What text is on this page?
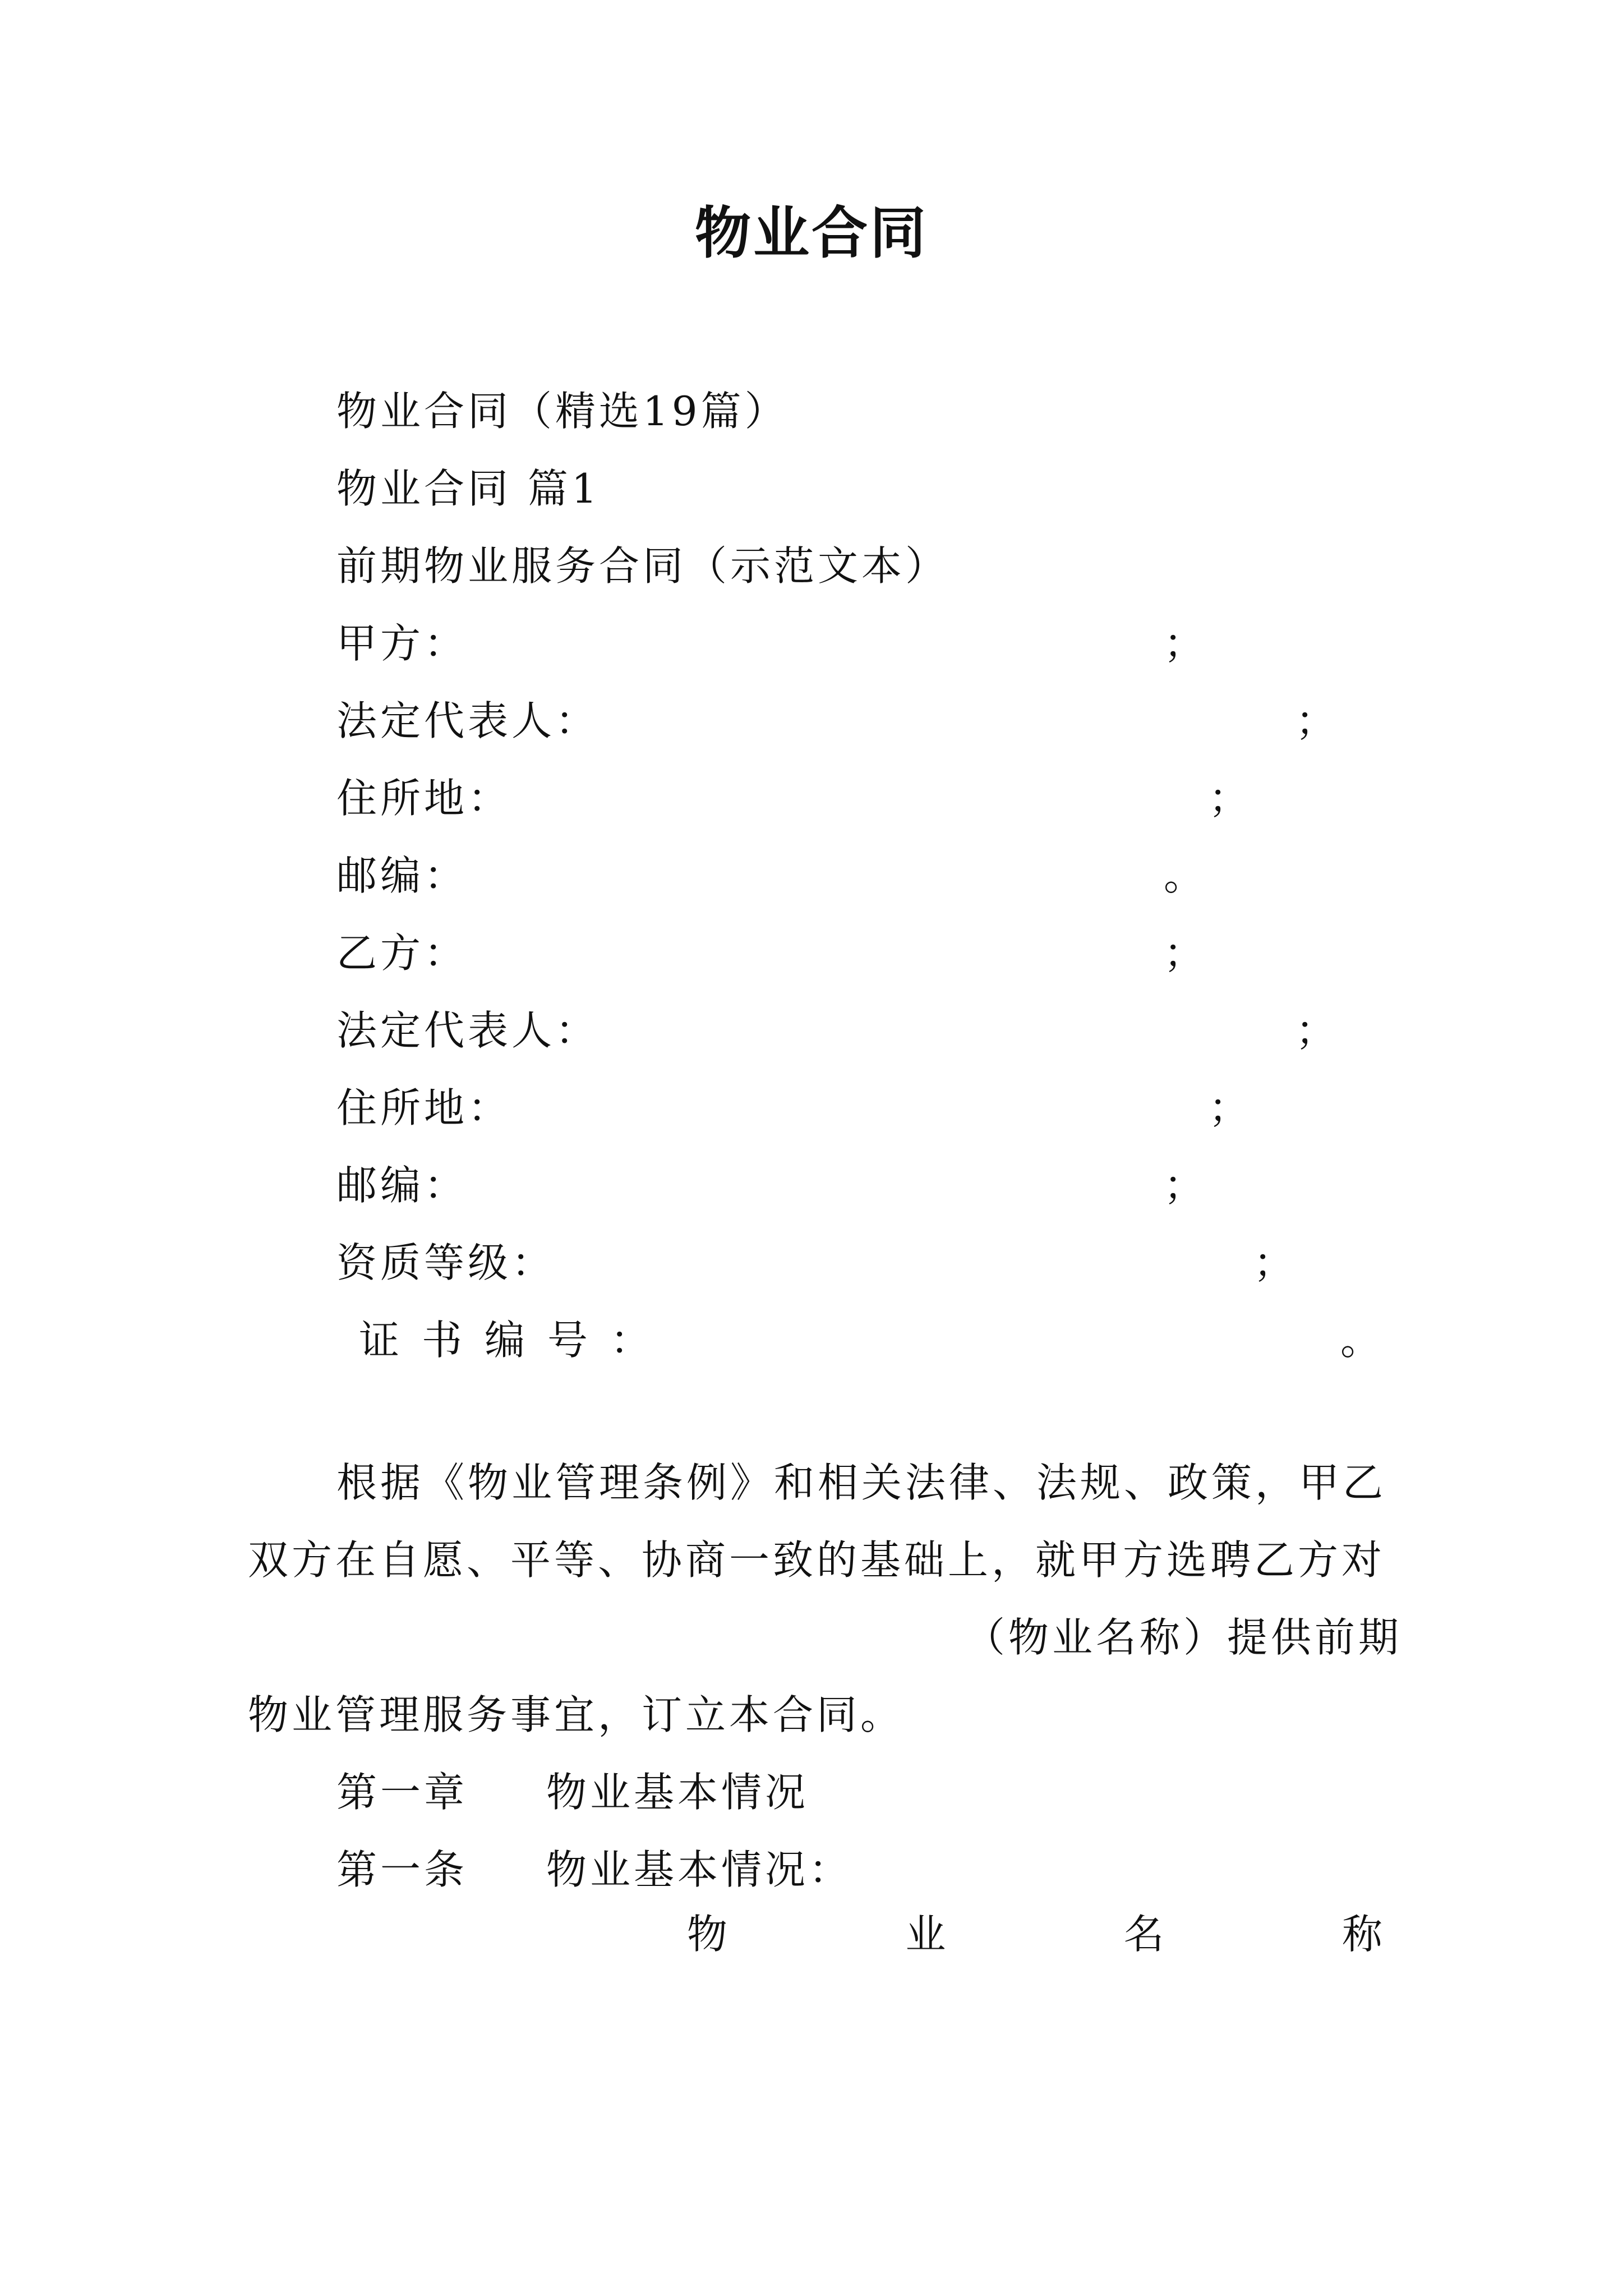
物业合同
物业合同（精选19篇）
物业合同 篇1
前期物业服务合同（示范文本）
甲方：	；
法定代表人：	；
住所地：	；
邮编：	。
乙方：	；
法定代表人：	；
住所地：	；
邮编：	；
资质等级：	；
证书编号：	。
根据《物业管理条例》和相关法律、法规、政策，甲乙
双方在自愿、平等、协商一致的基础上，就甲方选聘乙方对
（物业名称）提供前期
物业管理服务事宜，订立本合同。
第一章 物业基本情况
第一条 物业基本情况：
物	业	名	称
